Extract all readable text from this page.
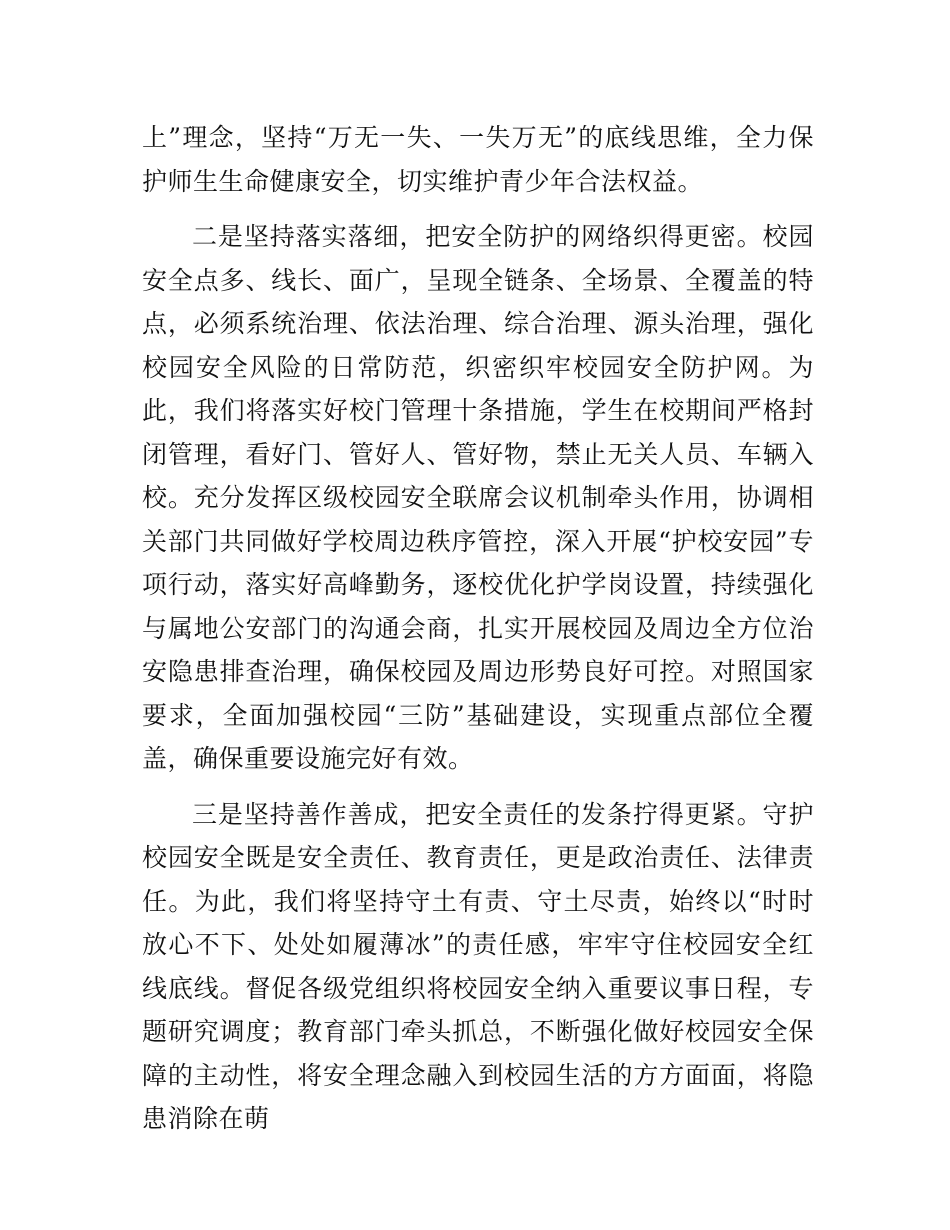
上”理念，坚持“万无一失、一失万无”的底线思维，全力保护师生生命健康安全，切实维护青少年合法权益。

二是坚持落实落细，把安全防护的网络织得更密。校园安全点多、线长、面广，呈现全链条、全场景、全覆盖的特点，必须系统治理、依法治理、综合治理、源头治理，强化校园安全风险的日常防范，织密织牢校园安全防护网。为此，我们将落实好校门管理十条措施，学生在校期间严格封闭管理，看好门、管好人、管好物，禁止无关人员、车辆入校。充分发挥区级校园安全联席会议机制牵头作用，协调相关部门共同做好学校周边秩序管控，深入开展“护校安园”专项行动，落实好高峰勤务，逐校优化护学岗设置，持续强化与属地公安部门的沟通会商，扎实开展校园及周边全方位治安隐患排查治理，确保校园及周边形势良好可控。对照国家要求，全面加强校园“三防”基础建设，实现重点部位全覆盖，确保重要设施完好有效。

三是坚持善作善成，把安全责任的发条拧得更紧。守护校园安全既是安全责任、教育责任，更是政治责任、法律责任。为此，我们将坚持守土有责、守土尽责，始终以“时时放心不下、处处如履薄冰”的责任感，牢牢守住校园安全红线底线。督促各级党组织将校园安全纳入重要议事日程，专题研究调度；教育部门牵头抓总，不断强化做好校园安全保障的主动性，将安全理念融入到校园生活的方方面面，将隐患消除在萌
